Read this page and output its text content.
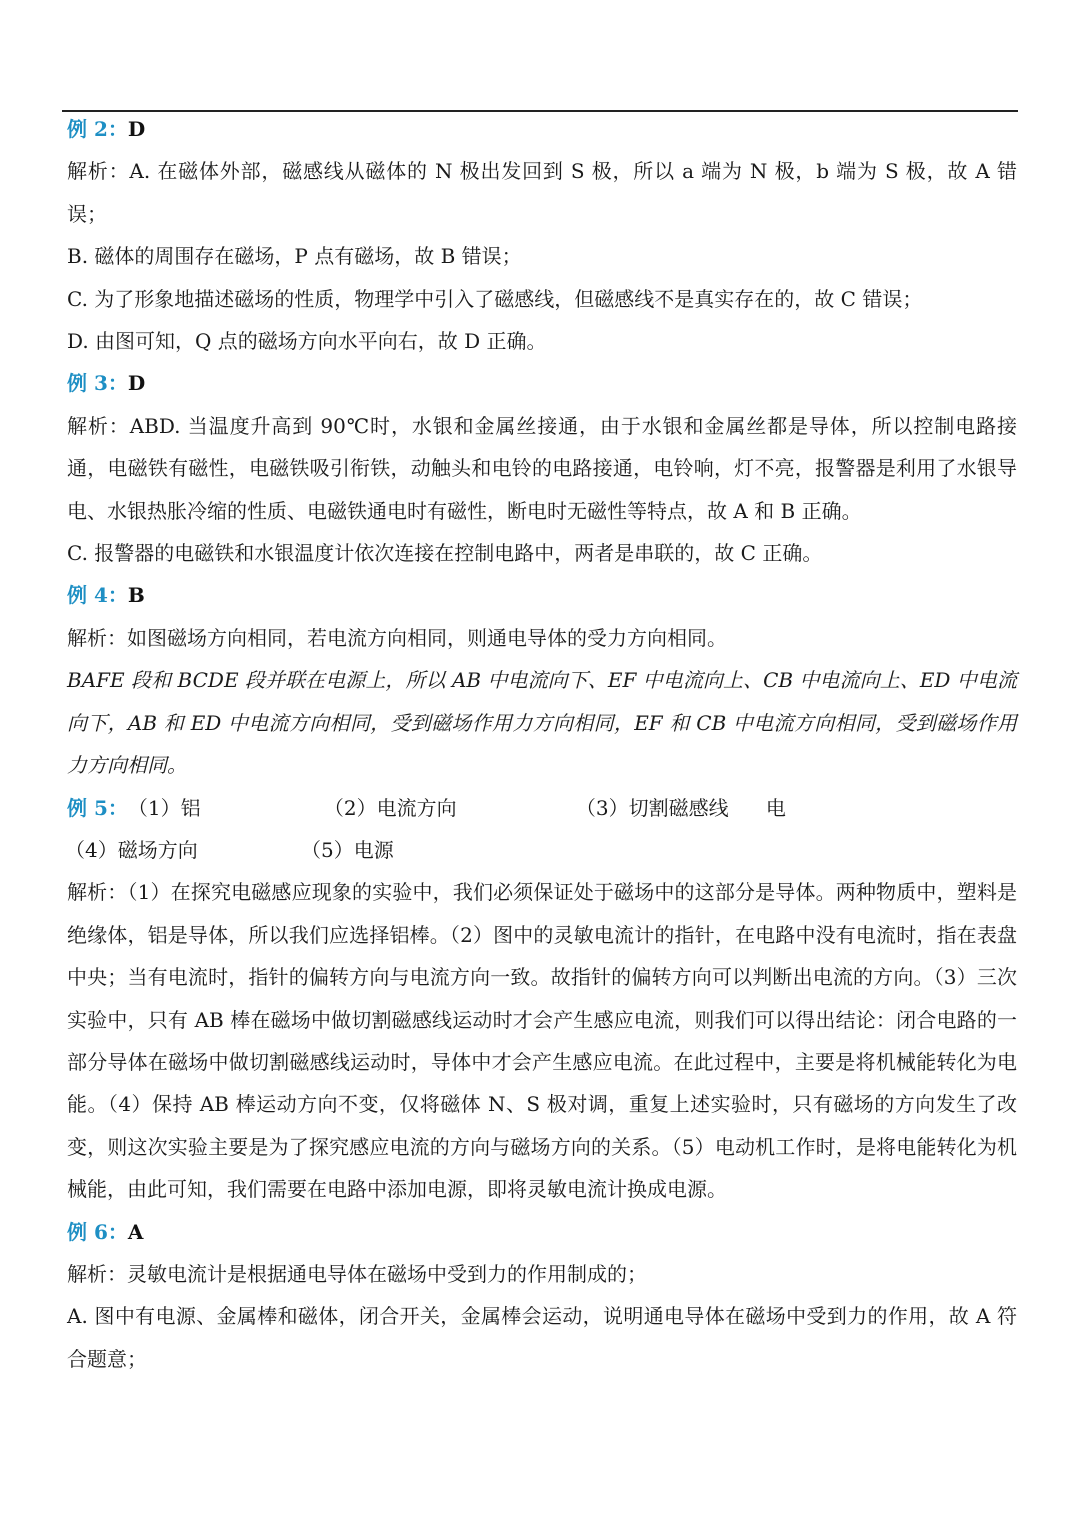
例 2：D

解析：A. 在磁体外部，磁感线从磁体的 N 极出发回到 S 极，所以 a 端为 N 极，b 端为 S 极，故 A 错误；

B. 磁体的周围存在磁场，P 点有磁场，故 B 错误；

C. 为了形象地描述磁场的性质，物理学中引入了磁感线，但磁感线不是真实存在的，故 C 错误；

D. 由图可知，Q 点的磁场方向水平向右，故 D 正确。

例 3：D

解析：ABD. 当温度升高到 90℃时，水银和金属丝接通，由于水银和金属丝都是导体，所以控制电路接通，电磁铁有磁性，电磁铁吸引衔铁，动触头和电铃的电路接通，电铃响，灯不亮，报警器是利用了水银导电、水银热胀冷缩的性质、电磁铁通电时有磁性，断电时无磁性等特点，故 A 和 B 正确。

C. 报警器的电磁铁和水银温度计依次连接在控制电路中，两者是串联的，故 C 正确。

例 4：B

解析：如图磁场方向相同，若电流方向相同，则通电导体的受力方向相同。

BAFE 段和 BCDE 段并联在电源上，所以 AB 中电流向下、EF 中电流向上、CB 中电流向上、ED 中电流向下，AB 和 ED 中电流方向相同，受到磁场作用力方向相同，EF 和 CB 中电流方向相同，受到磁场作用力方向相同。

例 5： （1）铝	（2）电流方向	（3）切割磁感线	电

（4）磁场方向	（5）电源

解析：（1）在探究电磁感应现象的实验中，我们必须保证处于磁场中的这部分是导体。两种物质中，塑料是绝缘体，铝是导体，所以我们应选择铝棒。（2）图中的灵敏电流计的指针，在电路中没有电流时，指在表盘中央；当有电流时，指针的偏转方向与电流方向一致。故指针的偏转方向可以判断出电流的方向。（3）三次实验中，只有 AB 棒在磁场中做切割磁感线运动时才会产生感应电流，则我们可以得出结论：闭合电路的一部分导体在磁场中做切割磁感线运动时，导体中才会产生感应电流。在此过程中，主要是将机械能转化为电能。（4）保持 AB 棒运动方向不变，仅将磁体 N、S 极对调，重复上述实验时，只有磁场的方向发生了改变，则这次实验主要是为了探究感应电流的方向与磁场方向的关系。（5）电动机工作时，是将电能转化为机械能，由此可知，我们需要在电路中添加电源，即将灵敏电流计换成电源。

例 6：A

解析：灵敏电流计是根据通电导体在磁场中受到力的作用制成的；

A. 图中有电源、金属棒和磁体，闭合开关，金属棒会运动，说明通电导体在磁场中受到力的作用，故 A 符合题意；
